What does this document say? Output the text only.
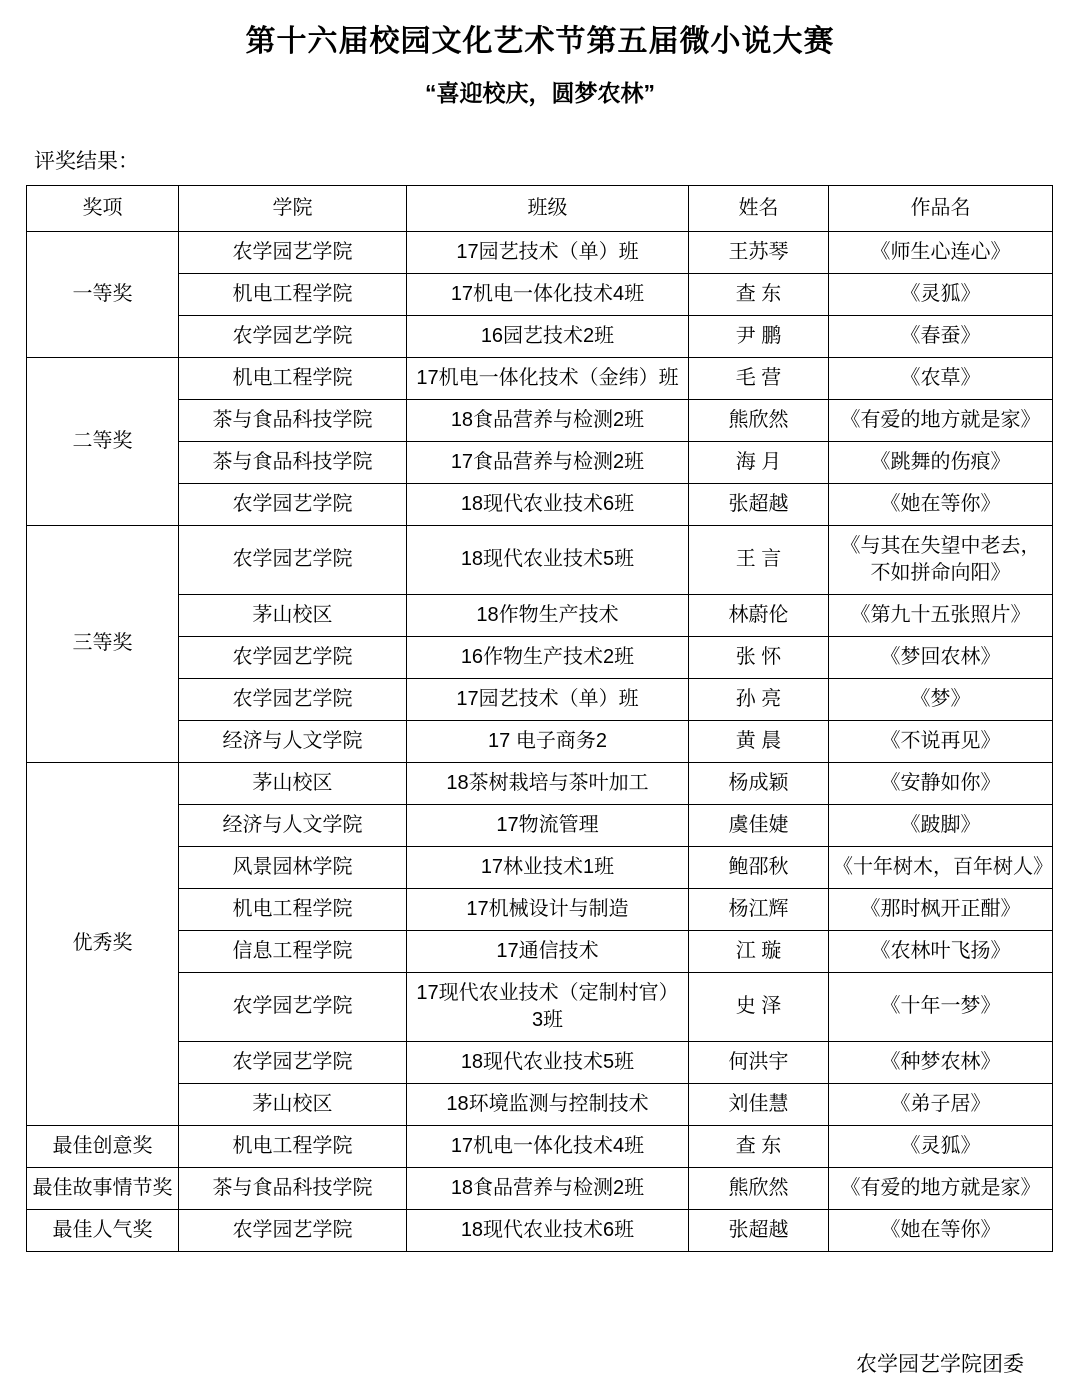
第十六届校园文化艺术节第五届微小说大赛
“喜迎校庆，圆梦农林”
评奖结果：
奖项	学院	班级	姓名	作品名
一等奖	农学园艺学院	17园艺技术（单）班	王苏琴	《师生心连心》
	机电工程学院	17机电一体化技术4班	查 东	《灵狐》
	农学园艺学院	16园艺技术2班	尹 鹏	《春蚕》
二等奖	机电工程学院	17机电一体化技术（金纬）班	毛 营	《农草》
	茶与食品科技学院	18食品营养与检测2班	熊欣然	《有爱的地方就是家》
	茶与食品科技学院	17食品营养与检测2班	海 月	《跳舞的伤痕》
	农学园艺学院	18现代农业技术6班	张超越	《她在等你》
三等奖	农学园艺学院	18现代农业技术5班	王 言	《与其在失望中老去，不如拼命向阳》
	茅山校区	18作物生产技术	林蔚伦	《第九十五张照片》
	农学园艺学院	16作物生产技术2班	张 怀	《梦回农林》
	农学园艺学院	17园艺技术（单）班	孙 亮	《梦》
	经济与人文学院	17 电子商务2	黄 晨	《不说再见》
优秀奖	茅山校区	18茶树栽培与茶叶加工	杨成颖	《安静如你》
	经济与人文学院	17物流管理	虞佳婕	《跛脚》
	风景园林学院	17林业技术1班	鲍邵秋	《十年树木，百年树人》
	机电工程学院	17机械设计与制造	杨江辉	《那时枫开正酣》
	信息工程学院	17通信技术	江 璇	《农林叶飞扬》
	农学园艺学院	17现代农业技术（定制村官）3班	史 泽	《十年一梦》
	农学园艺学院	18现代农业技术5班	何洪宇	《种梦农林》
	茅山校区	18环境监测与控制技术	刘佳慧	《弟子居》
最佳创意奖	机电工程学院	17机电一体化技术4班	查 东	《灵狐》
最佳故事情节奖	茶与食品科技学院	18食品营养与检测2班	熊欣然	《有爱的地方就是家》
最佳人气奖	农学园艺学院	18现代农业技术6班	张超越	《她在等你》
农学园艺学院团委
